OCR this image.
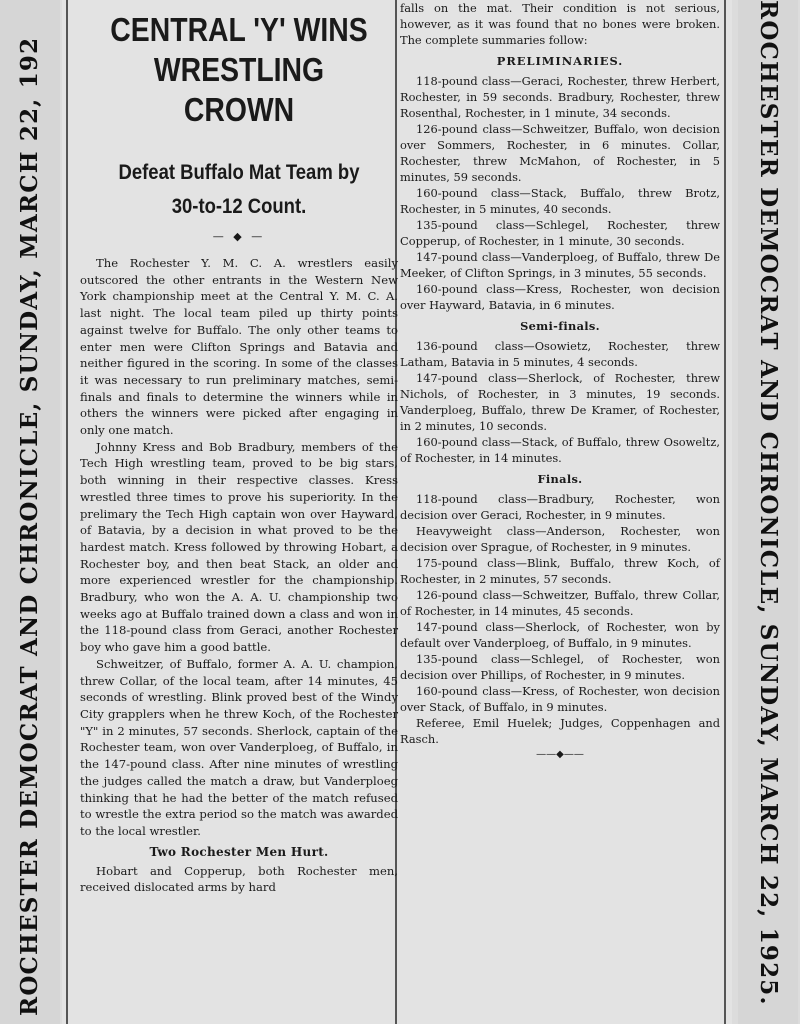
ROCHESTER DEMOCRAT AND CHRONICLE, SUNDAY, MARCH 22, 192
CENTRAL 'Y' WINS
WRESTLING CROWN
Defeat Buffalo Mat Team by
30-to-12 Count.
— ◆ —

The Rochester Y. M. C. A. wrestlers easily outscored the other entrants in the Western New York championship meet at the Central Y. M. C. A. last night. The local team piled up thirty points against twelve for Buffalo. The only other teams to enter men were Clifton Springs and Batavia and neither figured in the scoring. In some of the classes it was necessary to run preliminary matches, semi-finals and finals to determine the winners while in others the winners were picked after engaging in only one match.

Johnny Kress and Bob Bradbury, members of the Tech High wrestling team, proved to be big stars, both winning in their respective classes. Kress wrestled three times to prove his superiority. In the prelimary the Tech High captain won over Hayward, of Batavia, by a decision in what proved to be the hardest match. Kress followed by throwing Hobart, a Rochester boy, and then beat Stack, an older and more experienced wrestler for the championship. Bradbury, who won the A. A. U. championship two weeks ago at Buffalo trained down a class and won in the 118-pound class from Geraci, another Rochester boy who gave him a good battle.

Schweitzer, of Buffalo, former A. A. U. champion, threw Collar, of the local team, after 14 minutes, 45 seconds of wrestling. Blink proved best of the Windy City grapplers when he threw Koch, of the Rochester "Y" in 2 minutes, 57 seconds. Sherlock, captain of the Rochester team, won over Vanderploeg, of Buffalo, in the 147-pound class. After nine minutes of wrestling the judges called the match a draw, but Vanderploeg thinking that he had the better of the match refused to wrestle the extra period so the match was awarded to the local wrestler.

Two Rochester Men Hurt.

Hobart and Copperup, both Rochester men, received dislocated arms by hard

falls on the mat. Their condition is not serious, however, as it was found that no bones were broken. The complete summaries follow:

PRELIMINARIES.

118-pound class—Geraci, Rochester, threw Herbert, Rochester, in 59 seconds. Bradbury, Rochester, threw Rosenthal, Rochester, in 1 minute, 34 seconds.

126-pound class—Schweitzer, Buffalo, won decision over Sommers, Rochester, in 6 minutes. Collar, Rochester, threw McMahon, of Rochester, in 5 minutes, 59 seconds.

160-pound class—Stack, Buffalo, threw Brotz, Rochester, in 5 minutes, 40 seconds.

135-pound class—Schlegel, Rochester, threw Copperup, of Rochester, in 1 minute, 30 seconds.

147-pound class—Vanderploeg, of Buffalo, threw De Meeker, of Clifton Springs, in 3 minutes, 55 seconds.

160-pound class—Kress, Rochester, won decision over Hayward, Batavia, in 6 minutes.

Semi-finals.

136-pound class—Osowietz, Rochester, threw Latham, Batavia in 5 minutes, 4 seconds.

147-pound class—Sherlock, of Rochester, threw Nichols, of Rochester, in 3 minutes, 19 seconds. Vanderploeg, Buffalo, threw De Kramer, of Rochester, in 2 minutes, 10 seconds.

160-pound class—Stack, of Buffalo, threw Osoweltz, of Rochester, in 14 minutes.

Finals.

118-pound class—Bradbury, Rochester, won decision over Geraci, Rochester, in 9 minutes.

Heavyweight class—Anderson, Rochester, won decision over Sprague, of Rochester, in 9 minutes.

175-pound class—Blink, Buffalo, threw Koch, of Rochester, in 2 minutes, 57 seconds.

126-pound class—Schweitzer, Buffalo, threw Collar, of Rochester, in 14 minutes, 45 seconds.

147-pound class—Sherlock, of Rochester, won by default over Vanderploeg, of Buffalo, in 9 minutes.

135-pound class—Schlegel, of Rochester, won decision over Phillips, of Rochester, in 9 minutes.

160-pound class—Kress, of Rochester, won decision over Stack, of Buffalo, in 9 minutes.

Referee, Emil Huelek; Judges, Coppenhagen and Rasch.

——◆——	ROCHESTER DEMOCRAT AND CHRONICLE, SUNDAY, MARCH 22, 1925.
